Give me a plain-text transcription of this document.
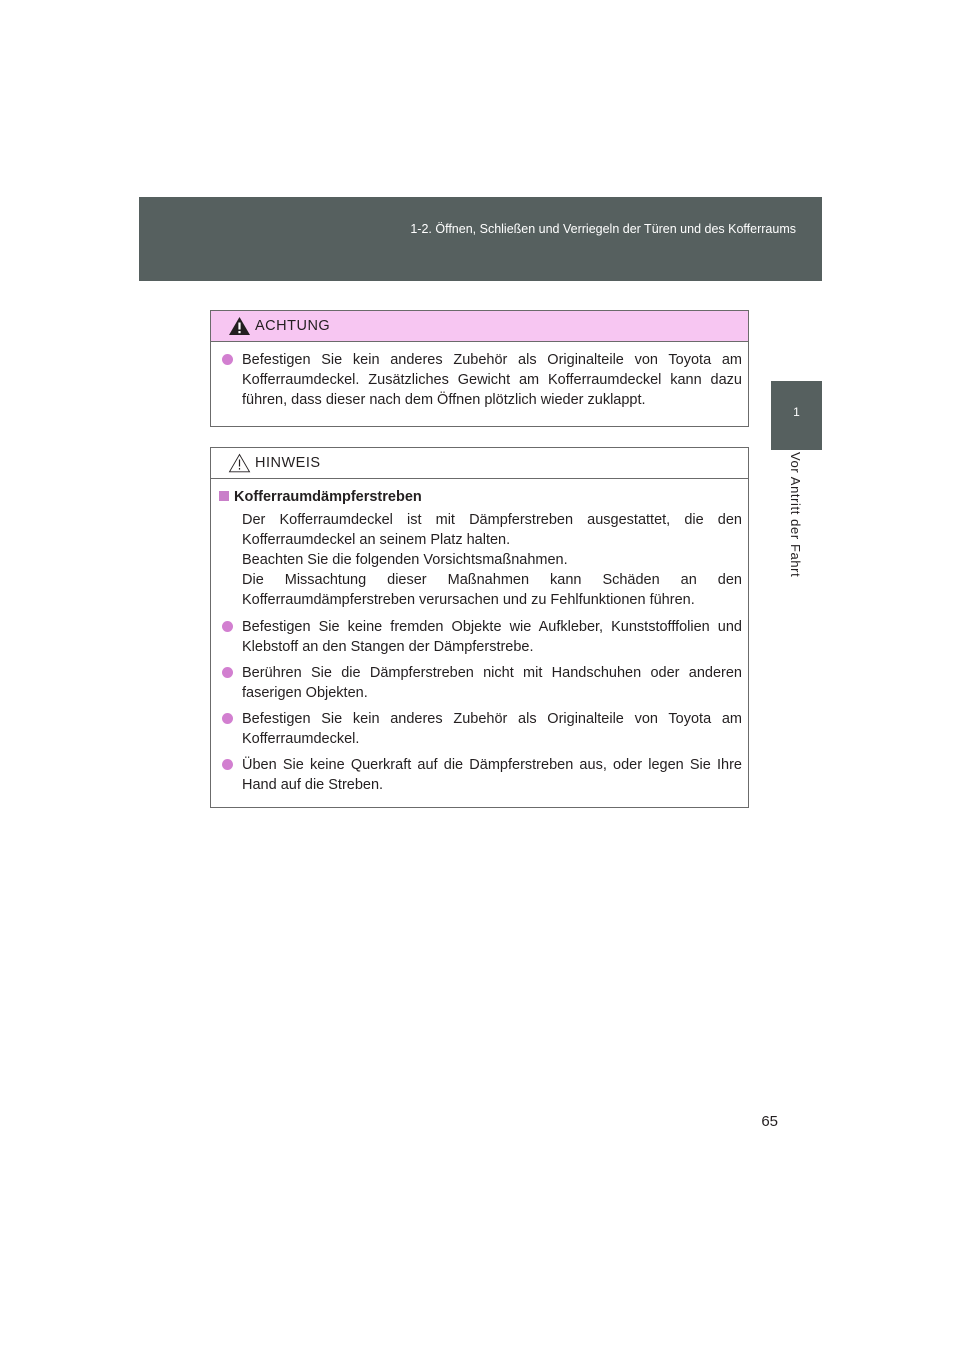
1-2. Öffnen, Schließen und Verriegeln der Türen und des Kofferraums
1
Vor Antritt der Fahrt
ACHTUNG
Befestigen Sie kein anderes Zubehör als Originalteile von Toyota am Kofferraumdeckel. Zusätzliches Gewicht am Kofferraumdeckel kann dazu führen, dass dieser nach dem Öffnen plötzlich wieder zuklappt.
HINWEIS
Kofferraumdämpferstreben
Der Kofferraumdeckel ist mit Dämpferstreben ausgestattet, die den Kofferraumdeckel an seinem Platz halten.
Beachten Sie die folgenden Vorsichtsmaßnahmen.
Die Missachtung dieser Maßnahmen kann Schäden an den Kofferraumdämpferstreben verursachen und zu Fehlfunktionen führen.
Befestigen Sie keine fremden Objekte wie Aufkleber, Kunststofffolien und Klebstoff an den Stangen der Dämpferstrebe.
Berühren Sie die Dämpferstreben nicht mit Handschuhen oder anderen faserigen Objekten.
Befestigen Sie kein anderes Zubehör als Originalteile von Toyota am Kofferraumdeckel.
Üben Sie keine Querkraft auf die Dämpferstreben aus, oder legen Sie Ihre Hand auf die Streben.
65
